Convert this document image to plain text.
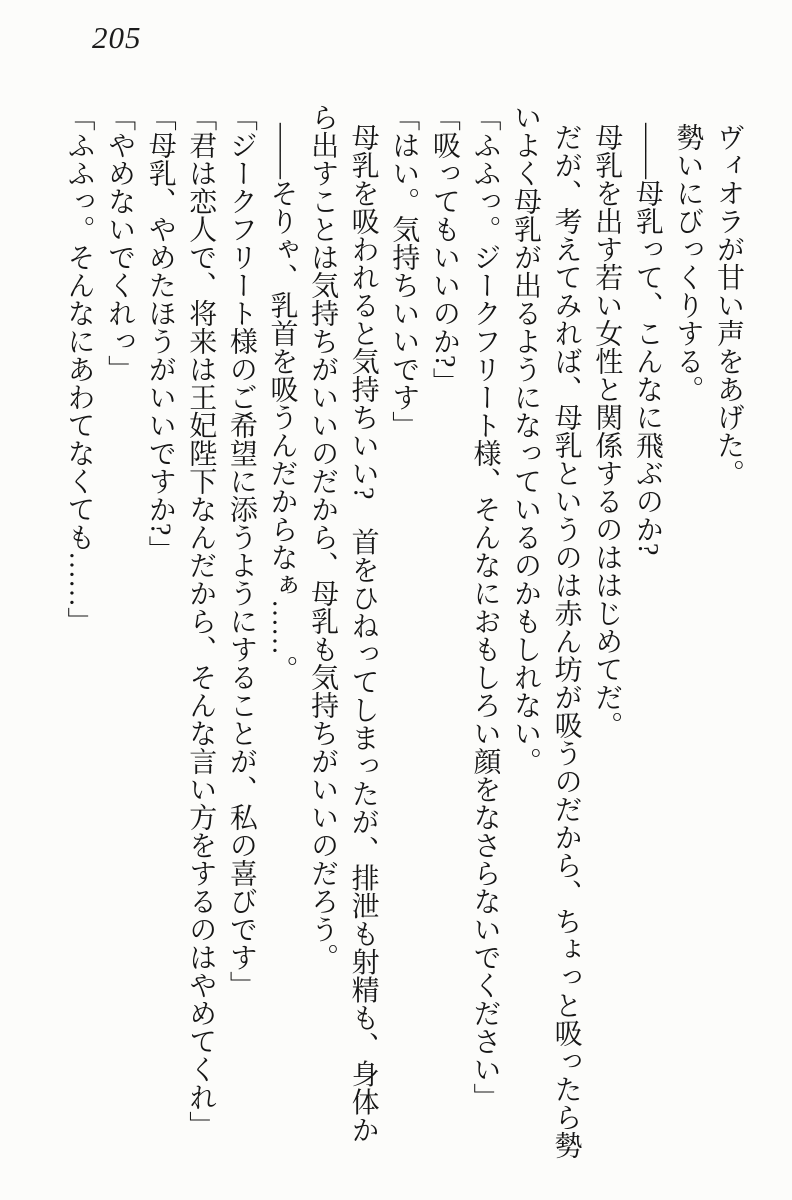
205

ヴィオラが甘い声をあげた。

勢いにびっくりする。

――母乳って、こんなに飛ぶのか?

母乳を出す若い女性と関係するのははじめてだ。

だが、考えてみれば、母乳というのは赤ん坊が吸うのだから、ちょっと吸ったら勢

いよく母乳が出るようになっているのかもしれない。

「ふふっ。ジークフリート様、そんなにおもしろい顔をなさらないでください」

「吸ってもいいのか?」

「はい。気持ちいいです」

母乳を吸われると気持ちいい?　首をひねってしまったが、排泄も射精も、身体か

ら出すことは気持ちがいいのだから、母乳も気持ちがいいのだろう。

――そりゃ、乳首を吸うんだからなぁ……。

「ジークフリート様のご希望に添うようにすることが、私の喜びです」

「君は恋人で、将来は王妃陛下なんだから、そんな言い方をするのはやめてくれ」

「母乳、やめたほうがいいですか?」

「やめないでくれっ」

「ふふっ。そんなにあわてなくても……」
